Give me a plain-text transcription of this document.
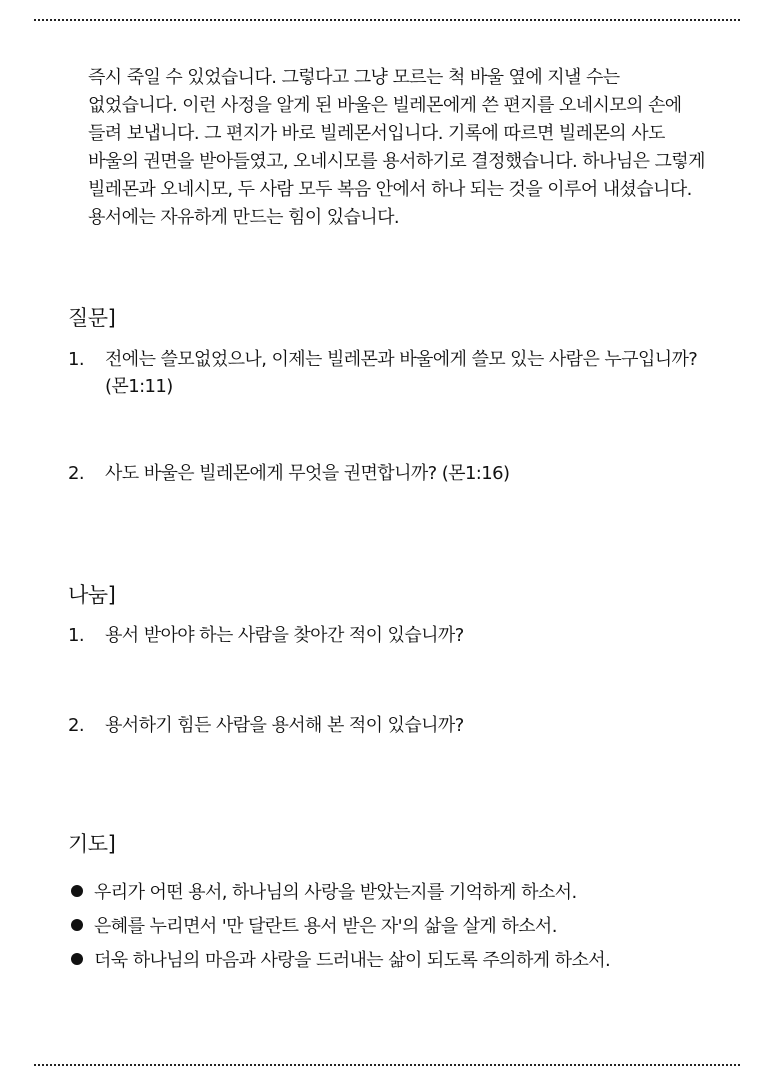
즉시 죽일 수 있었습니다. 그렇다고 그냥 모르는 척 바울 옆에 지낼 수는 없었습니다. 이런 사정을 알게 된 바울은 빌레몬에게 쓴 편지를 오네시모의 손에 들려 보냅니다. 그 편지가 바로 빌레몬서입니다. 기록에 따르면 빌레몬의 사도 바울의 권면을 받아들였고, 오네시모를 용서하기로 결정했습니다. 하나님은 그렇게 빌레몬과 오네시모, 두 사람 모두 복음 안에서 하나 되는 것을 이루어 내셨습니다. 용서에는 자유하게 만드는 힘이 있습니다.

질문]
1.	전에는 쓸모없었으나, 이제는 빌레몬과 바울에게 쓸모 있는 사람은 누구입니까? (몬1:11)
2.	사도 바울은 빌레몬에게 무엇을 권면합니까? (몬1:16)
나눔]
1.	용서 받아야 하는 사람을 찾아간 적이 있습니까?
2.	용서하기 힘든 사람을 용서해 본 적이 있습니까?
기도]
우리가 어떤 용서, 하나님의 사랑을 받았는지를 기억하게 하소서.
은혜를 누리면서 '만 달란트 용서 받은 자'의 삶을 살게 하소서.
더욱 하나님의 마음과 사랑을 드러내는 삶이 되도록 주의하게 하소서.
